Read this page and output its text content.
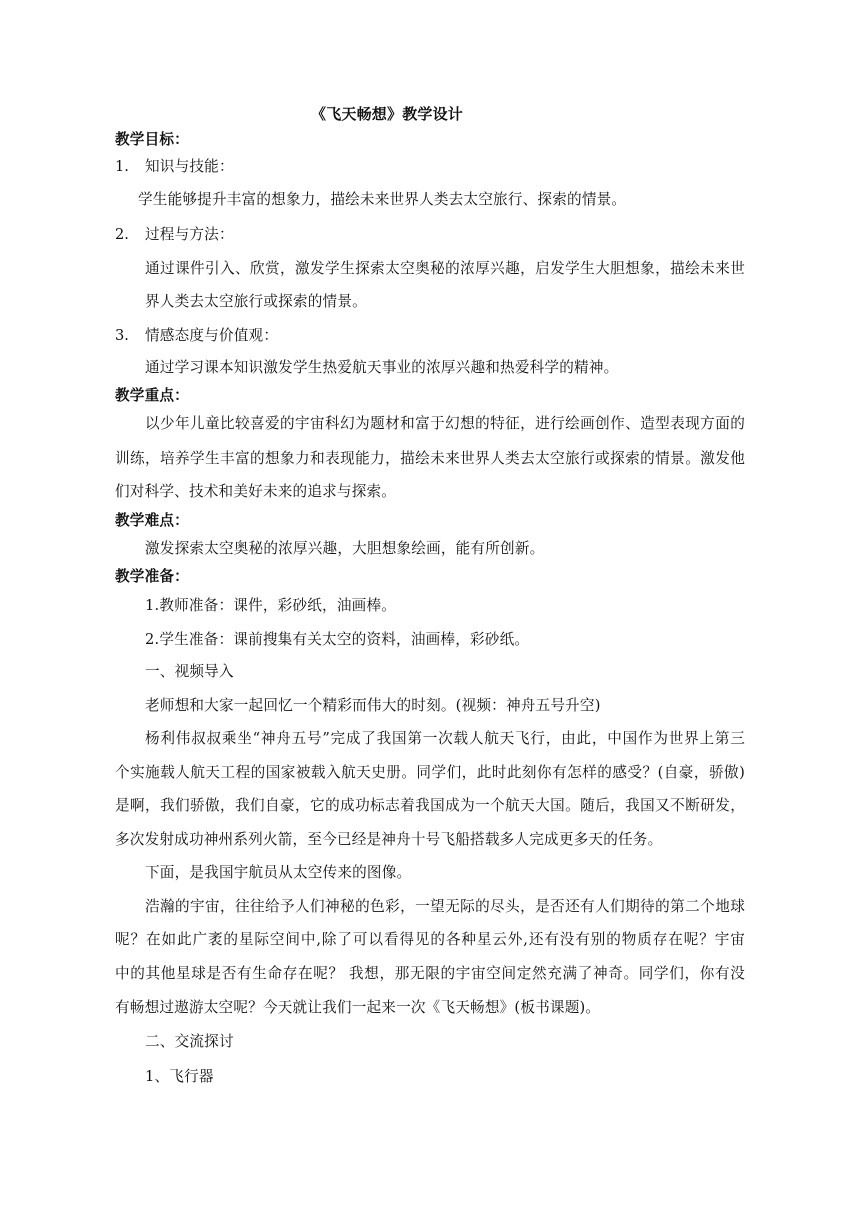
《飞天畅想》教学设计
教学目标：
1. 知识与技能：
学生能够提升丰富的想象力，描绘未来世界人类去太空旅行、探索的情景。
2. 过程与方法：
通过课件引入、欣赏，激发学生探索太空奥秘的浓厚兴趣，启发学生大胆想象，描绘未来世
界人类去太空旅行或探索的情景。
3. 情感态度与价值观：
通过学习课本知识激发学生热爱航天事业的浓厚兴趣和热爱科学的精神。
教学重点：
以少年儿童比较喜爱的宇宙科幻为题材和富于幻想的特征，进行绘画创作、造型表现方面的
训练，培养学生丰富的想象力和表现能力，描绘未来世界人类去太空旅行或探索的情景。激发他
们对科学、技术和美好未来的追求与探索。
教学难点：
激发探索太空奥秘的浓厚兴趣，大胆想象绘画，能有所创新。
教学准备：
1.教师准备：课件，彩砂纸，油画棒。
2.学生准备：课前搜集有关太空的资料，油画棒，彩砂纸。
一、视频导入
老师想和大家一起回忆一个精彩而伟大的时刻。(视频：神舟五号升空)
杨利伟叔叔乘坐“神舟五号”完成了我国第一次载人航天飞行，由此，中国作为世界上第三
个实施载人航天工程的国家被载入航天史册。同学们，此时此刻你有怎样的感受？(自豪，骄傲)
是啊，我们骄傲，我们自豪，它的成功标志着我国成为一个航天大国。随后，我国又不断研发，
多次发射成功神州系列火箭，至今已经是神舟十号飞船搭载多人完成更多天的任务。
下面，是我国宇航员从太空传来的图像。
浩瀚的宇宙，往往给予人们神秘的色彩，一望无际的尽头，是否还有人们期待的第二个地球
呢？在如此广袤的星际空间中,除了可以看得见的各种星云外,还有没有别的物质存在呢？宇宙
中的其他星球是否有生命存在呢？ 我想，那无限的宇宙空间定然充满了神奇。同学们，你有没
有畅想过遨游太空呢？今天就让我们一起来一次《飞天畅想》(板书课题)。
二、交流探讨
1、飞行器
